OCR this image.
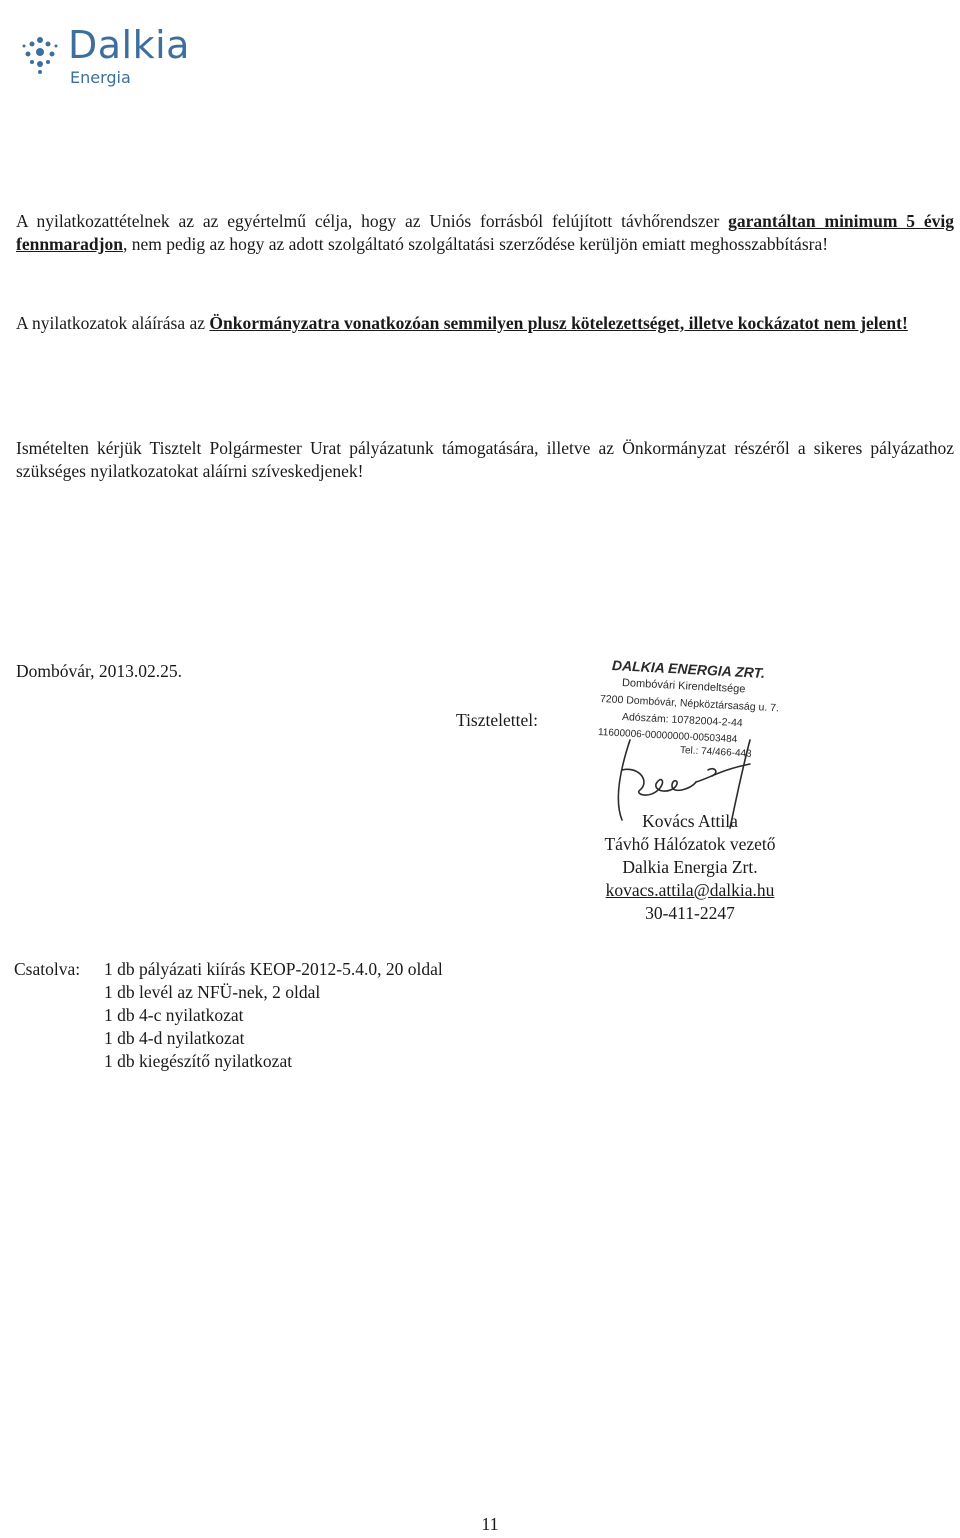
Dalkia
Energia

A nyilatkozattételnek az az egyértelmű célja, hogy az Uniós forrásból felújított távhőrendszer garantáltan minimum 5 évig fennmaradjon, nem pedig az hogy az adott szolgáltató szolgáltatási szerződése kerüljön emiatt meghosszabbításra!

A nyilatkozatok aláírása az Önkormányzatra vonatkozóan semmilyen plusz kötelezettséget, illetve kockázatot nem jelent!

Ismételten kérjük Tisztelt Polgármester Urat pályázatunk támogatására, illetve az Önkormányzat részéről a sikeres pályázathoz szükséges nyilatkozatokat aláírni szíveskedjenek!

Dombóvár, 2013.02.25.
Tisztelettel:
DALKIA ENERGIA ZRT.
Dombóvári Kirendeltsége
7200 Dombóvár, Népköztársaság u. 7.
Adószám: 10782004-2-44
11600006-00000000-00503484
Tel.: 74/466-443
Kovács Attila
Távhő Hálózatok vezető
Dalkia Energia Zrt.
kovacs.attila@dalkia.hu
30-411-2247
Csatolva:	1 db pályázati kiírás KEOP-2012-5.4.0, 20 oldal
1 db levél az NFÜ-nek, 2 oldal
1 db 4-c nyilatkozat
1 db 4-d nyilatkozat
1 db kiegészítő nyilatkozat
11
